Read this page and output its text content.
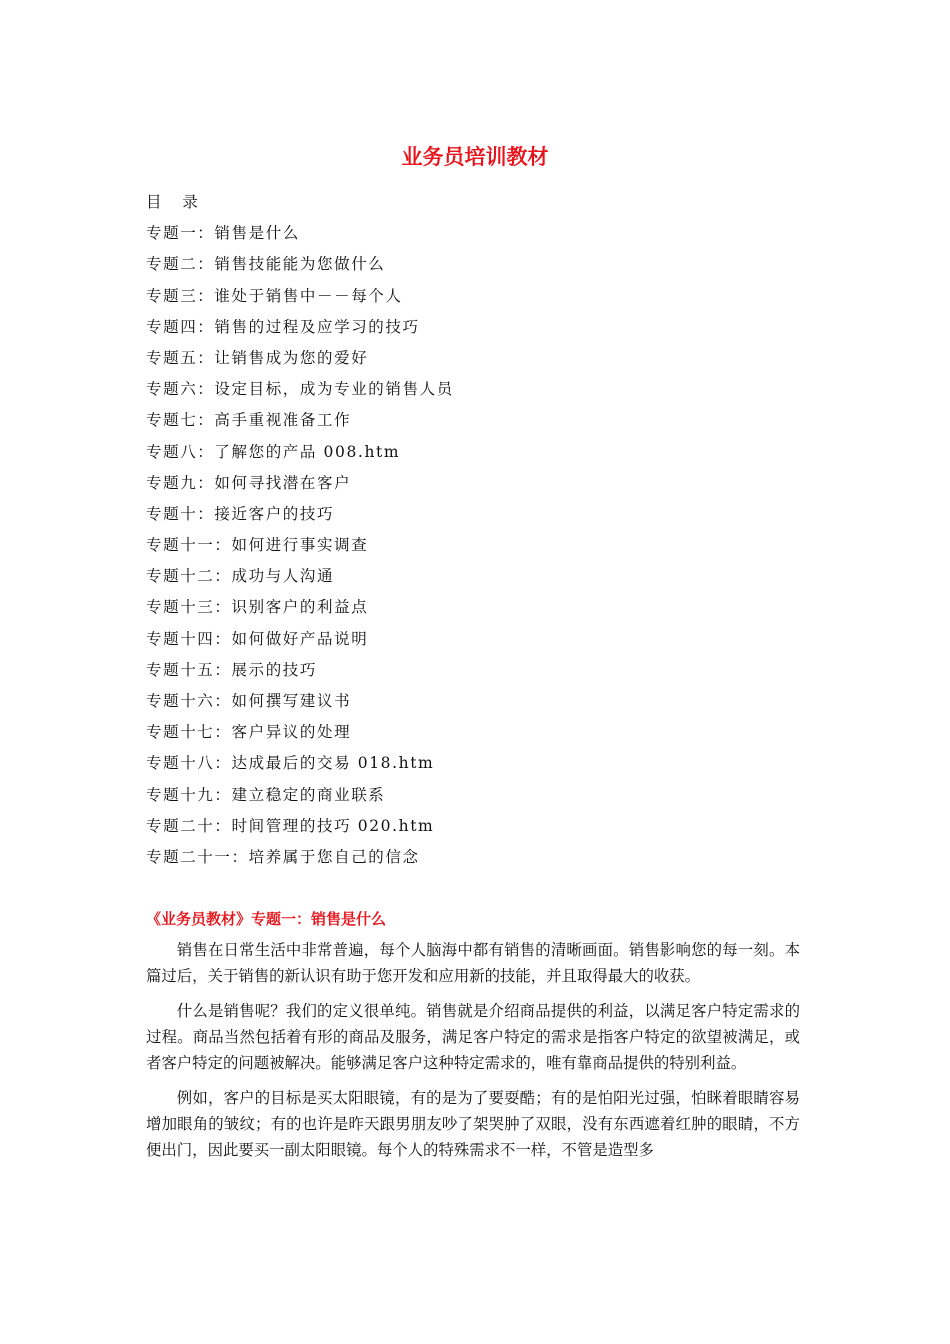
业务员培训教材
目 录
专题一：销售是什么
专题二：销售技能能为您做什么
专题三：谁处于销售中－－每个人
专题四：销售的过程及应学习的技巧
专题五：让销售成为您的爱好
专题六：设定目标，成为专业的销售人员
专题七：高手重视准备工作
专题八：了解您的产品 008.htm
专题九：如何寻找潜在客户
专题十：接近客户的技巧
专题十一：如何进行事实调查
专题十二：成功与人沟通
专题十三：识别客户的利益点
专题十四：如何做好产品说明
专题十五：展示的技巧
专题十六：如何撰写建议书
专题十七：客户异议的处理
专题十八：达成最后的交易 018.htm
专题十九：建立稳定的商业联系
专题二十：时间管理的技巧 020.htm
专题二十一：培养属于您自己的信念
《业务员教材》专题一：销售是什么

销售在日常生活中非常普遍，每个人脑海中都有销售的清晰画面。销售影响您的每一刻。本篇过后，关于销售的新认识有助于您开发和应用新的技能，并且取得最大的收获。

什么是销售呢？我们的定义很单纯。销售就是介绍商品提供的利益，以满足客户特定需求的过程。商品当然包括着有形的商品及服务，满足客户特定的需求是指客户特定的欲望被满足，或者客户特定的问题被解决。能够满足客户这种特定需求的，唯有靠商品提供的特别利益。

例如，客户的目标是买太阳眼镜，有的是为了要耍酷；有的是怕阳光过强，怕眯着眼睛容易增加眼角的皱纹；有的也许是昨天跟男朋友吵了架哭肿了双眼，没有东西遮着红肿的眼睛，不方便出门，因此要买一副太阳眼镜。每个人的特殊需求不一样，不管是造型多
